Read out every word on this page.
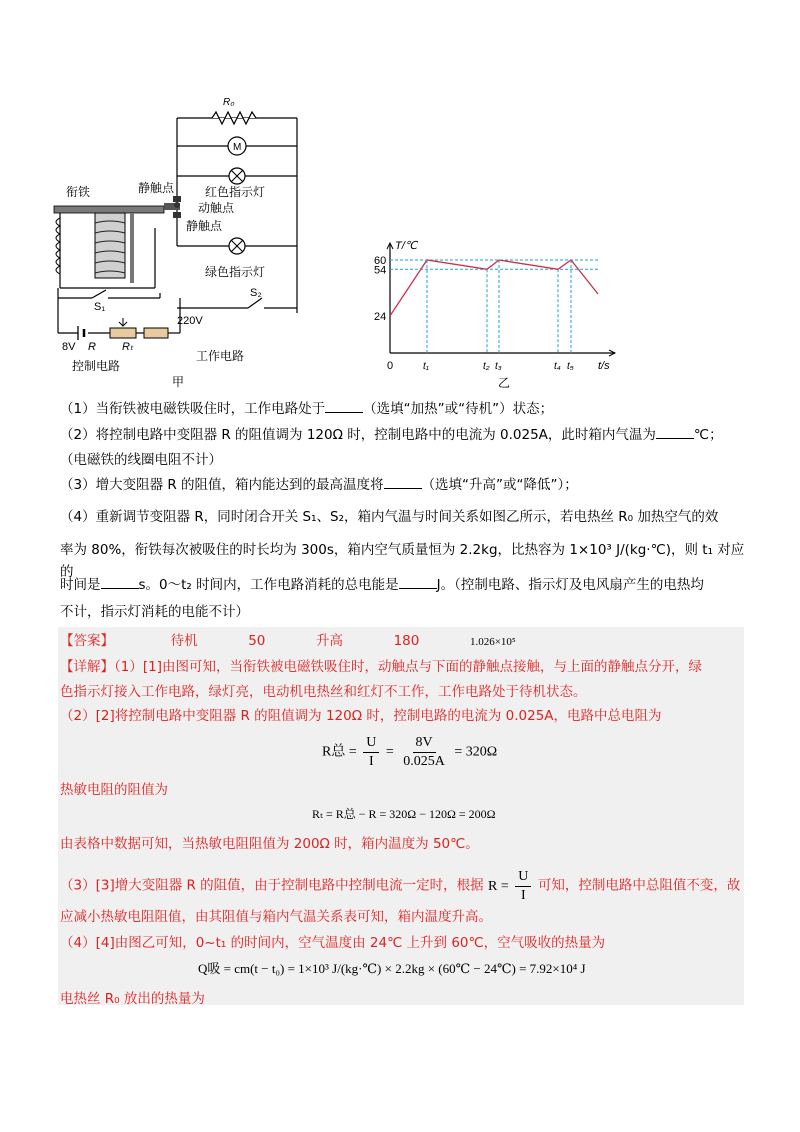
R₀
M
衔铁	静触点	红色指示灯
动触点
静触点
绿色指示灯
S₁
S₂
220V
8V R Rₜ
控制电路
工作电路
甲
T/℃
t/s
0
24
54
60
t₁	t₂ t₃	t₄ t₅
乙
（1）当衔铁被电磁铁吸住时，工作电路处于	（选填“加热”或“待机”）状态；
（2）将控制电路中变阻器 R 的阻值调为 120Ω 时，控制电路中的电流为 0.025A，此时箱内气温为	℃；
（电磁铁的线圈电阻不计）
（3）增大变阻器 R 的阻值，箱内能达到的最高温度将	（选填“升高”或“降低”）；
（4）重新调节变阻器 R，同时闭合开关 S₁、S₂，箱内气温与时间关系如图乙所示，若电热丝 R₀ 加热空气的效
率为 80%，衔铁每次被吸住的时长均为 300s，箱内空气质量恒为 2.2kg，比热容为 1×10³ J/(kg·℃)，则 t₁ 对应的
时间是	s。0～t₂ 时间内，工作电路消耗的总电能是	J。（控制电路、指示灯及电风扇产生的电热均
不计，指示灯消耗的电能不计）
【答案】	待机	50	升高	180	1.026×10⁵
【详解】（1）[1]由图可知，当衔铁被电磁铁吸住时，动触点与下面的静触点接触，与上面的静触点分开，绿
色指示灯接入工作电路，绿灯亮，电动机电热丝和红灯不工作，工作电路处于待机状态。
（2）[2]将控制电路中变阻器 R 的阻值调为 120Ω 时，控制电路的电流为 0.025A，电路中总电阻为
R总 = $\frac{U}{I} = \frac{8V}{0.025A} = 320\Omega$
热敏电阻的阻值为
Rₜ = R总 − R = 320Ω − 120Ω = 200Ω
由表格中数据可知，当热敏电阻阻值为 200Ω 时，箱内温度为 50℃。
（3）[3]增大变阻器 R 的阻值，由于控制电路中控制电流一定时，根据 $R = \frac{U}{I}$ 可知，控制电路中总阻值不变，故
应减小热敏电阻阻值，由其阻值与箱内气温关系表可知，箱内温度升高。
（4）[4]由图乙可知，0~t₁ 的时间内，空气温度由 24℃ 上升到 60℃，空气吸收的热量为
Q吸 = cm(t − t₀) = 1×10³ J/(kg·℃) × 2.2kg × (60℃ − 24℃) = 7.92×10⁴ J
电热丝 R₀ 放出的热量为
